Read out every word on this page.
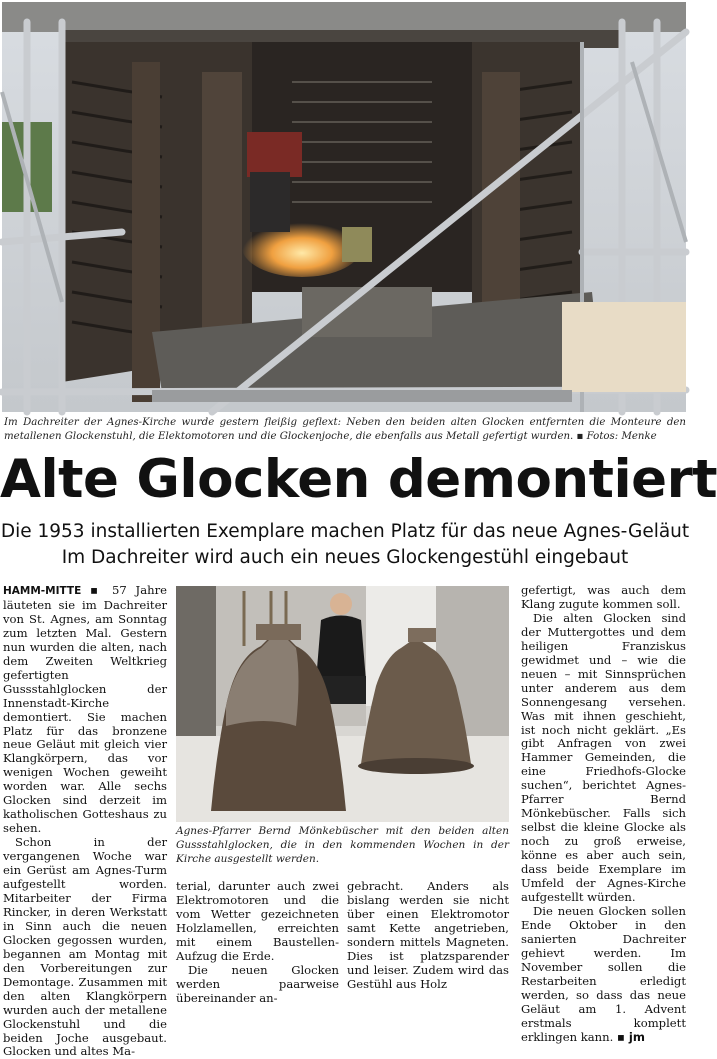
Im Dachreiter der Agnes-Kirche wurde gestern fleißig geflext: Neben den beiden alten Glocken entfernten die Monteure den metallenen Glockenstuhl, die Elektomotoren und die Glockenjoche, die ebenfalls aus Metall gefertigt wurden. ▪ Fotos: Menke
Alte Glocken demontiert
Die 1953 installierten Exemplare machen Platz für das neue Agnes-Geläut
Im Dachreiter wird auch ein neues Glockengestühl eingebaut

HAMM-MITTE ▪ 57 Jahre läuteten sie im Dachreiter von St. Agnes, am Sonntag zum letzten Mal. Gestern nun wurden die alten, nach dem Zweiten Weltkrieg gefertigten Gussstahlglocken der Innenstadt-Kirche demontiert. Sie machen Platz für das bronzene neue Geläut mit gleich vier Klangkörpern, das vor wenigen Wochen geweiht worden war. Alle sechs Glocken sind derzeit im katholischen Gotteshaus zu sehen.

Schon in der vergangenen Woche war ein Gerüst am Agnes-Turm aufgestellt worden. Mitarbeiter der Firma Rincker, in deren Werkstatt in Sinn auch die neuen Glocken gegossen wurden, begannen am Montag mit den Vorbereitungen zur Demontage. Zusammen mit den alten Klangkörpern wurden auch der metallene Glockenstuhl und die beiden Joche ausgebaut. Glocken und altes Ma-

Agnes-Pfarrer Bernd Mönkebüscher mit den beiden alten Gussstahlglocken, die in den kommenden Wochen in der Kirche ausgestellt werden.

terial, darunter auch zwei Elektromotoren und die vom Wetter gezeichneten Holzlamellen, erreichten mit einem Baustellen-Aufzug die Erde.

Die neuen Glocken werden paarweise übereinander an-

gebracht. Anders als bislang werden sie nicht über einen Elektromotor samt Kette angetrieben, sondern mittels Magneten. Dies ist platzsparender und leiser. Zudem wird das Gestühl aus Holz

gefertigt, was auch dem Klang zugute kommen soll.

Die alten Glocken sind der Muttergottes und dem heiligen Franziskus gewidmet und – wie die neuen – mit Sinnsprüchen unter anderem aus dem Sonnengesang versehen. Was mit ihnen geschieht, ist noch nicht geklärt. „Es gibt Anfragen von zwei Hammer Gemeinden, die eine Friedhofs-Glocke suchen“, berichtet Agnes-Pfarrer Bernd Mönkebüscher. Falls sich selbst die kleine Glocke als noch zu groß erweise, könne es aber auch sein, dass beide Exemplare im Umfeld der Agnes-Kirche aufgestellt würden.

Die neuen Glocken sollen Ende Oktober in den sanierten Dachreiter gehievt werden. Im November sollen die Restarbeiten erledigt werden, so dass das neue Geläut am 1. Advent erstmals komplett erklingen kann. ▪ jm
